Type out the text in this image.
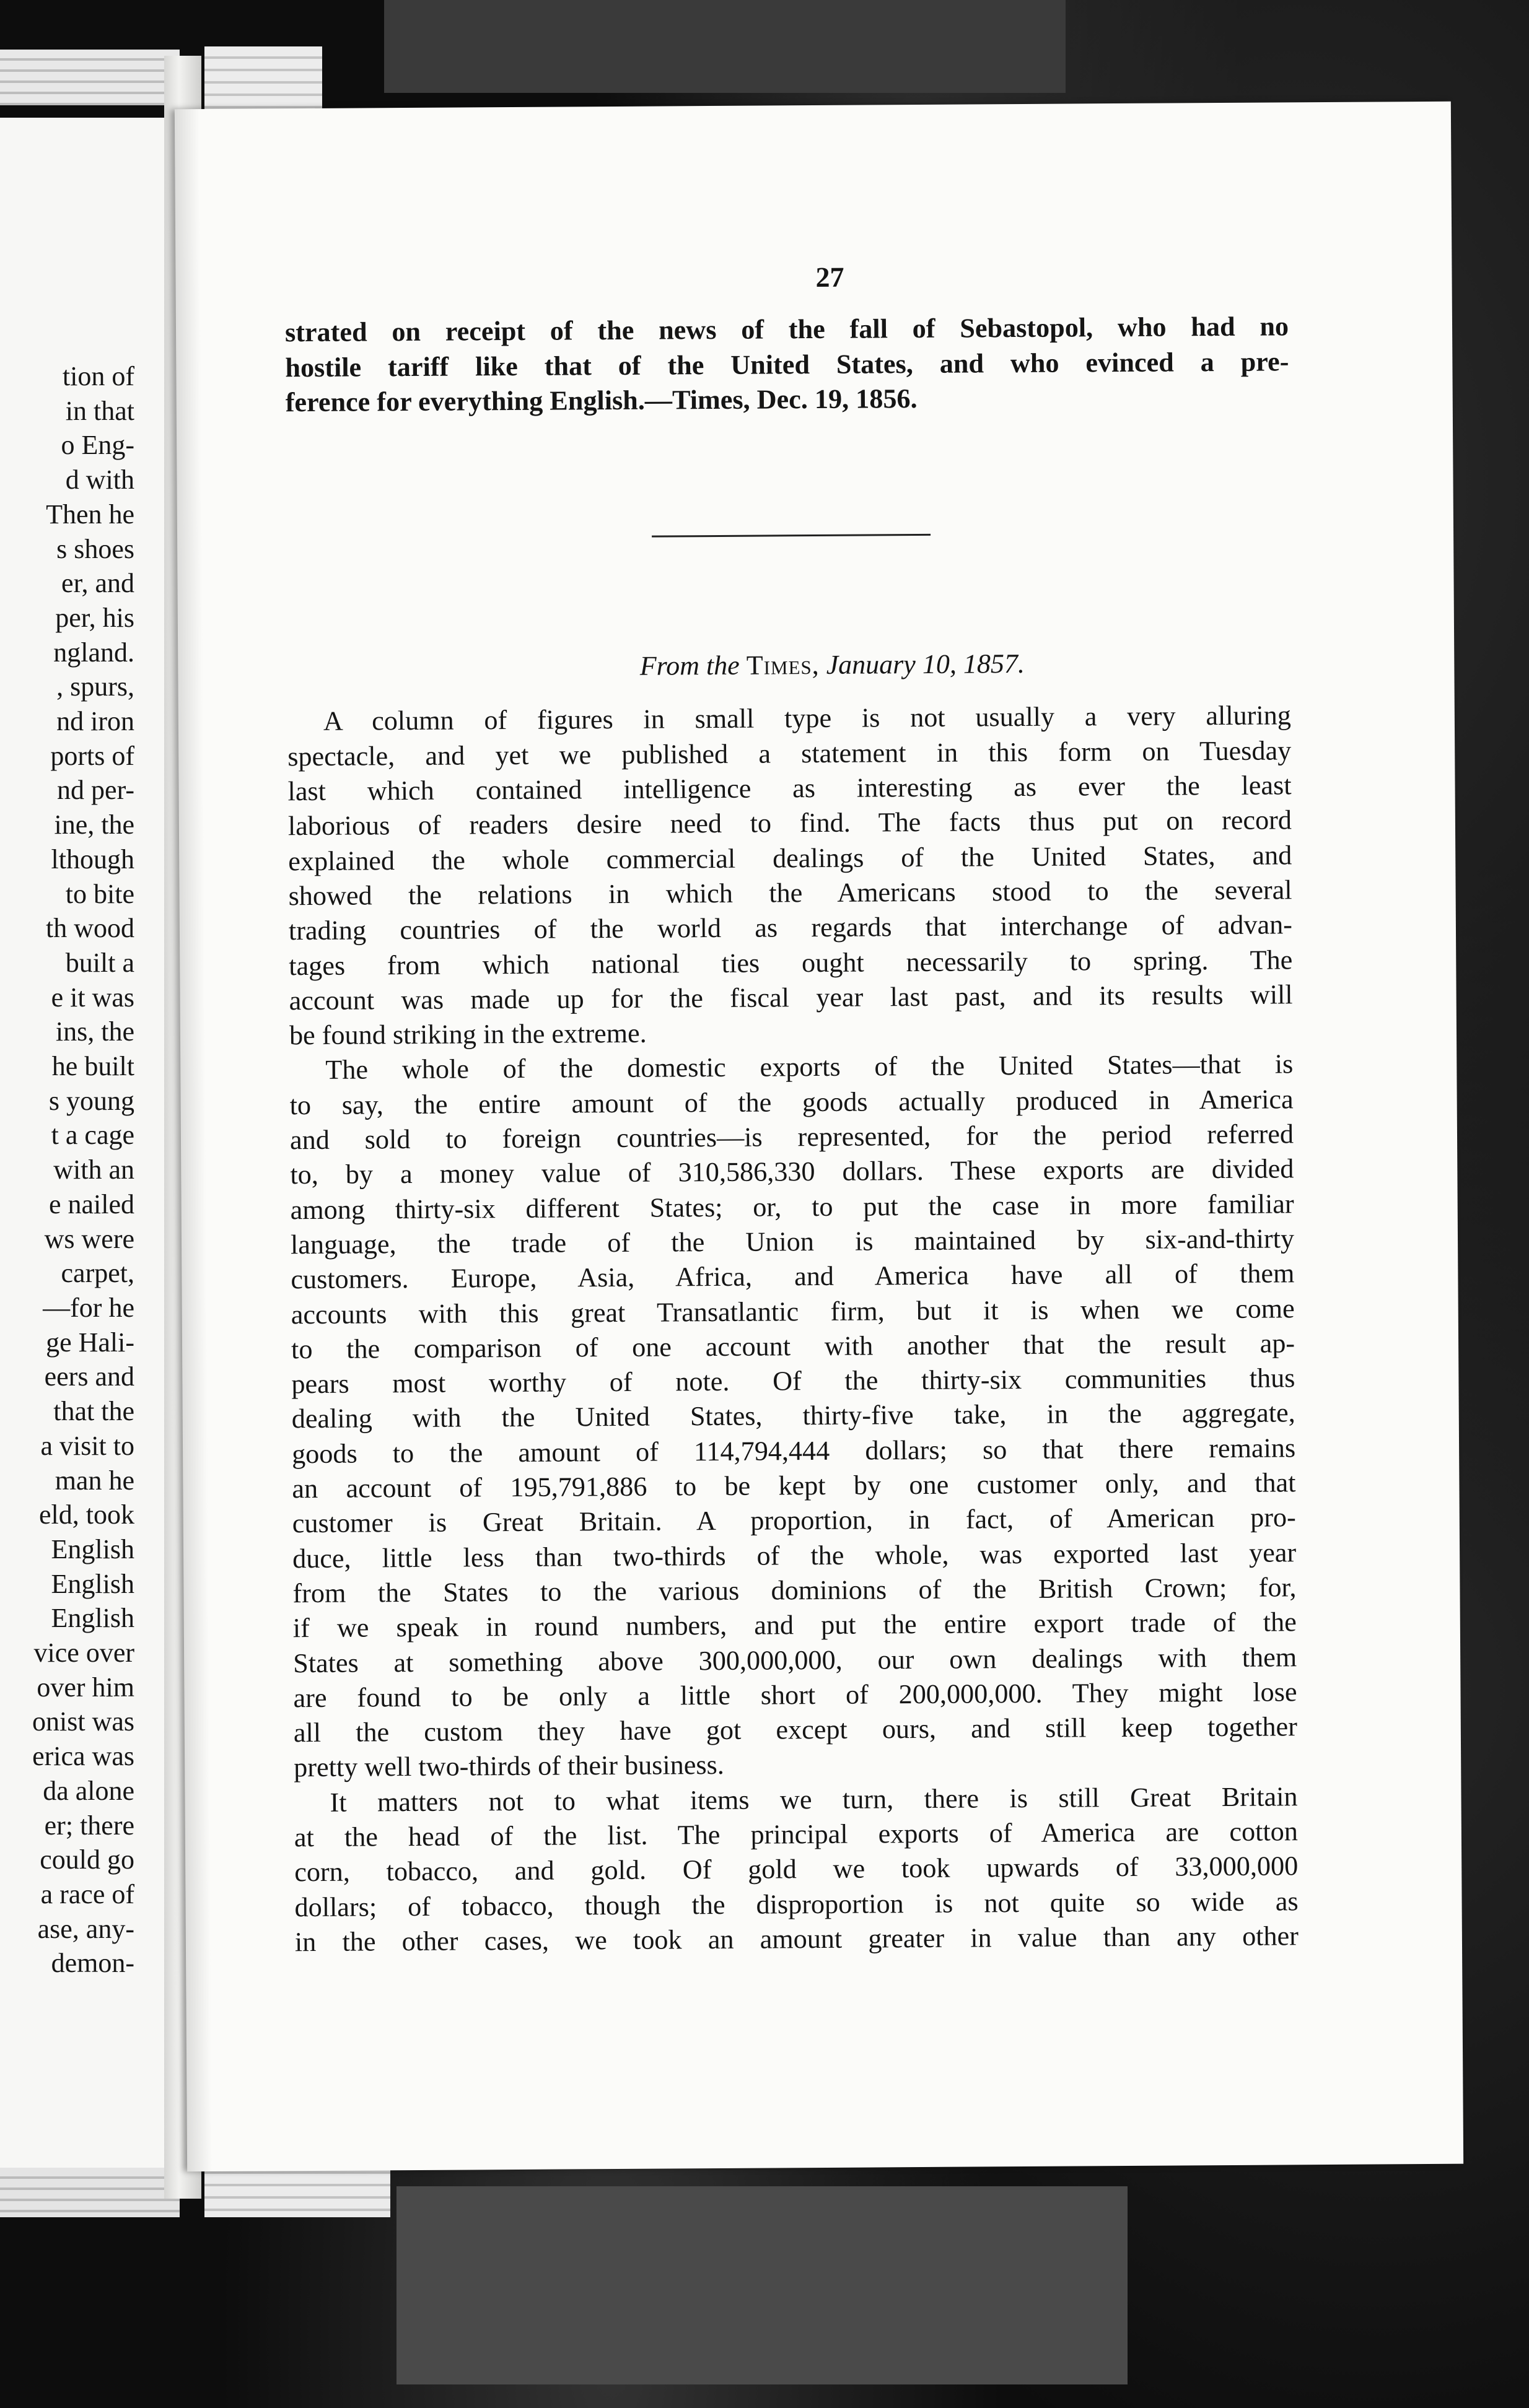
tion of
in that
o Eng-
d with
Then he
s shoes
er, and
per, his
ngland.
, spurs,
nd iron
ports of
nd per-
ine, the
lthough
to bite
th wood
built a
e it was
ins, the
he built
s young
t a cage
with an
e nailed
ws were
carpet,
—for he
ge Hali-
eers and
that the
a visit to
man he
eld, took
English
English
English
vice over
over him
onist was
erica was
da alone
er; there
could go
a race of
ase, any-
demon-
27
strated on receipt of the news of the fall of Sebastopol, who had no
hostile tariff like that of the United States, and who evinced a pre-
ference for everything English.—Times, Dec. 19, 1856.
From the Times, January 10, 1857.
A column of figures in small type is not usually a very alluring
spectacle, and yet we published a statement in this form on Tuesday
last which contained intelligence as interesting as ever the least
laborious of readers desire need to find. The facts thus put on record
explained the whole commercial dealings of the United States, and
showed the relations in which the Americans stood to the several
trading countries of the world as regards that interchange of advan-
tages from which national ties ought necessarily to spring. The
account was made up for the fiscal year last past, and its results will
be found striking in the extreme.
The whole of the domestic exports of the United States—that is
to say, the entire amount of the goods actually produced in America
and sold to foreign countries—is represented, for the period referred
to, by a money value of 310,586,330 dollars. These exports are divided
among thirty-six different States; or, to put the case in more familiar
language, the trade of the Union is maintained by six-and-thirty
customers. Europe, Asia, Africa, and America have all of them
accounts with this great Transatlantic firm, but it is when we come
to the comparison of one account with another that the result ap-
pears most worthy of note. Of the thirty-six communities thus
dealing with the United States, thirty-five take, in the aggregate,
goods to the amount of 114,794,444 dollars; so that there remains
an account of 195,791,886 to be kept by one customer only, and that
customer is Great Britain. A proportion, in fact, of American pro-
duce, little less than two-thirds of the whole, was exported last year
from the States to the various dominions of the British Crown; for,
if we speak in round numbers, and put the entire export trade of the
States at something above 300,000,000, our own dealings with them
are found to be only a little short of 200,000,000. They might lose
all the custom they have got except ours, and still keep together
pretty well two-thirds of their business.
It matters not to what items we turn, there is still Great Britain
at the head of the list. The principal exports of America are cotton
corn, tobacco, and gold. Of gold we took upwards of 33,000,000
dollars; of tobacco, though the disproportion is not quite so wide as
in the other cases, we took an amount greater in value than any other
